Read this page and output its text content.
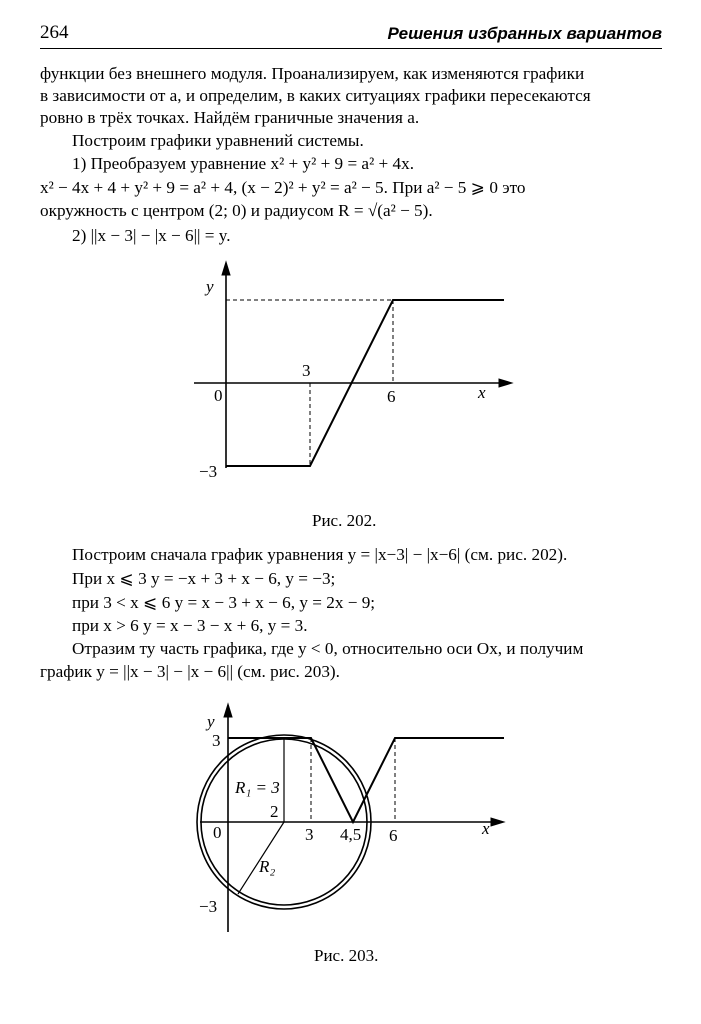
264	Решения избранных вариантов
функции без внешнего модуля. Проанализируем, как изменяются графики
в зависимости от a, и определим, в каких ситуациях графики пересекаются
ровно в трёх точках. Найдём граничные значения a.
Построим графики уравнений системы.
1) Преобразуем уравнение x² + y² + 9 = a² + 4x.
x² − 4x + 4 + y² + 9 = a² + 4, (x − 2)² + y² = a² − 5. При a² − 5 ⩾ 0 это
окружность с центром (2; 0) и радиусом R = √(a² − 5).
2) ||x − 3| − |x − 6|| = y.
y
x
0
3
6
−3
Рис. 202.
Построим сначала график уравнения y = |x−3| − |x−6| (см. рис. 202).
При x ⩽ 3 y = −x + 3 + x − 6, y = −3;
при 3 < x ⩽ 6 y = x − 3 + x − 6, y = 2x − 9;
при x > 6 y = x − 3 − x + 6, y = 3.
Отразим ту часть графика, где y < 0, относительно оси Ox, и получим
график y = ||x − 3| − |x − 6|| (см. рис. 203).
y
x
0
3
3
2
4,5 6
−3
R₁ = 3
R₂
Рис. 203.
